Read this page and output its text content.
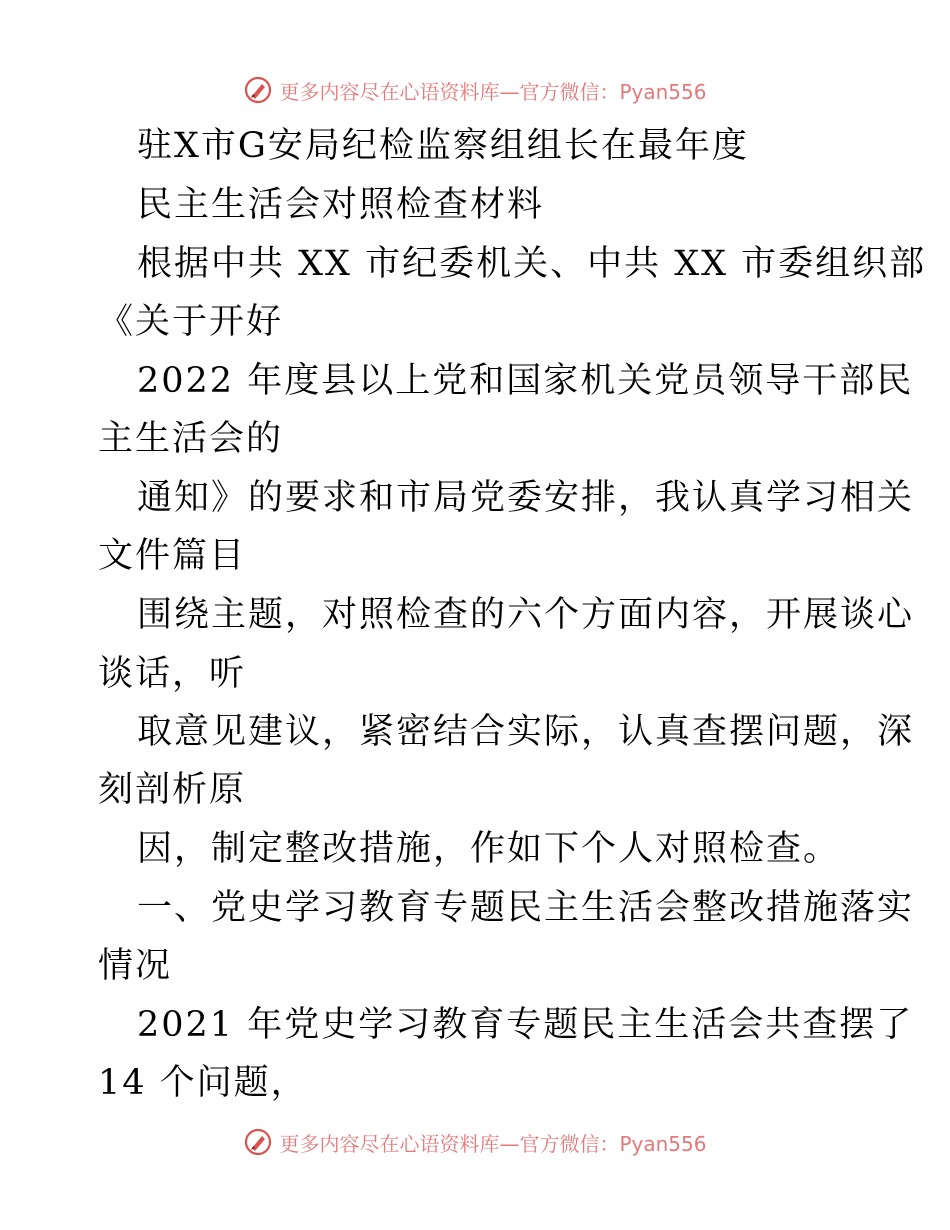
更多内容尽在心语资料库—官方微信：Pyan556
驻X市G安局纪检监察组组长在最年度
民主生活会对照检查材料
根据中共 XX 市纪委机关、中共 XX 市委组织部
《关于开好
2022 年度县以上党和国家机关党员领导干部民
主生活会的
通知》的要求和市局党委安排，我认真学习相关
文件篇目
围绕主题，对照检查的六个方面内容，开展谈心
谈话，听
取意见建议，紧密结合实际，认真查摆问题，深
刻剖析原
因，制定整改措施，作如下个人对照检查。
一、党史学习教育专题民主生活会整改措施落实
情况
2021 年党史学习教育专题民主生活会共查摆了
14 个问题，
更多内容尽在心语资料库—官方微信：Pyan556
